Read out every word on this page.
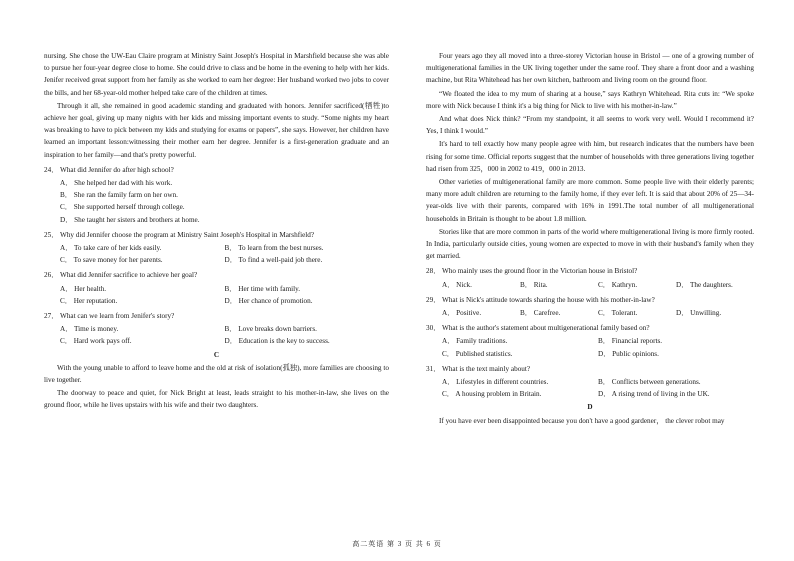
nursing. She chose the UW-Eau Claire program at Ministry Saint Joseph's Hospital in Marshfield because she was able to pursue her four-year degree close to home. She could drive to class and be home in the evening to help with her kids. Jenifer received great support from her family as she worked to earn her degree: Her husband worked two jobs to cover the bills, and her 68-year-old mother helped take care of the children at times.

Through it all, she remained in good academic standing and graduated with honors. Jennifer sacrificed(牺牲)to achieve her goal, giving up many nights with her kids and missing important events to study. “Some nights my heart was breaking to have to pick between my kids and studying for exams or papers”, she says. However, her children have learned an important lesson:witnessing their mother earn her degree. Jennifer is a first-generation graduate and an inspiration to her family—and that's pretty powerful.

24． What did Jennifer do after high school?
A． She helped her dad with his work.
B． She ran the family farm on her own.
C． She supported herself through college.
D． She taught her sisters and brothers at home.
25． Why did Jennifer choose the program at Ministry Saint Joseph's Hospital in Marshfield?
A． To take care of her kids easily.	B． To learn from the best nurses.
C． To save money for her parents.	D． To find a well-paid job there.
26． What did Jennifer sacrifice to achieve her goal?
A． Her health.	B． Her time with family.
C． Her reputation.	D． Her chance of promotion.
27． What can we learn from Jenifer's story?
A． Time is money.	B． Love breaks down barriers.
C． Hard work pays off.	D． Education is the key to success.
C

With the young unable to afford to leave home and the old at risk of isolation(孤独), more families are choosing to live together.

The doorway to peace and quiet, for Nick Bright at least, leads straight to his mother-in-law, she lives on the ground floor, while he lives upstairs with his wife and their two daughters.

Four years ago they all moved into a three-storey Victorian house in Bristol — one of a growing number of multigenerational families in the UK living together under the same roof. They share a front door and a washing machine, but Rita Whitehead has her own kitchen, bathroom and living room on the ground floor.

“We floated the idea to my mum of sharing at a house,” says Kathryn Whitehead. Rita cuts in: “We spoke more with Nick because I think it's a big thing for Nick to live with his mother-in-law.”

And what does Nick think? “From my standpoint, it all seems to work very well. Would I recommend it? Yes, I think I would.”

It's hard to tell exactly how many people agree with him, but research indicates that the numbers have been rising for some time. Official reports suggest that the number of households with three generations living together had risen from 325，000 in 2002 to 419，000 in 2013.

Other varieties of multigenerational family are more common. Some people live with their elderly parents; many more adult children are returning to the family home, if they ever left. It is said that about 20% of 25—34-year-olds live with their parents, compared with 16% in 1991.The total number of all multigenerational households in Britain is thought to be about 1.8 million.

Stories like that are more common in parts of the world where multigenerational living is more firmly rooted. In India, particularly outside cities, young women are expected to move in with their husband's family when they get married.

28． Who mainly uses the ground floor in the Victorian house in Bristol?
A． Nick.	B． Rita.	C． Kathryn.	D． The daughters.
29． What is Nick's attitude towards sharing the house with his mother-in-law?
A． Positive.	B． Carefree.	C． Tolerant.	D． Unwilling.
30． What is the author's statement about multigenerational family based on?
A． Family traditions.	B． Financial reports.
C． Published statistics.	D． Public opinions.
31． What is the text mainly about?
A． Lifestyles in different countries.	B． Conflicts between generations.
C． A housing problem in Britain.	D． A rising trend of living in the UK.
D

If you have ever been disappointed because you don't have a good gardener， the clever robot may

高二英语 第 3 页 共 6 页
